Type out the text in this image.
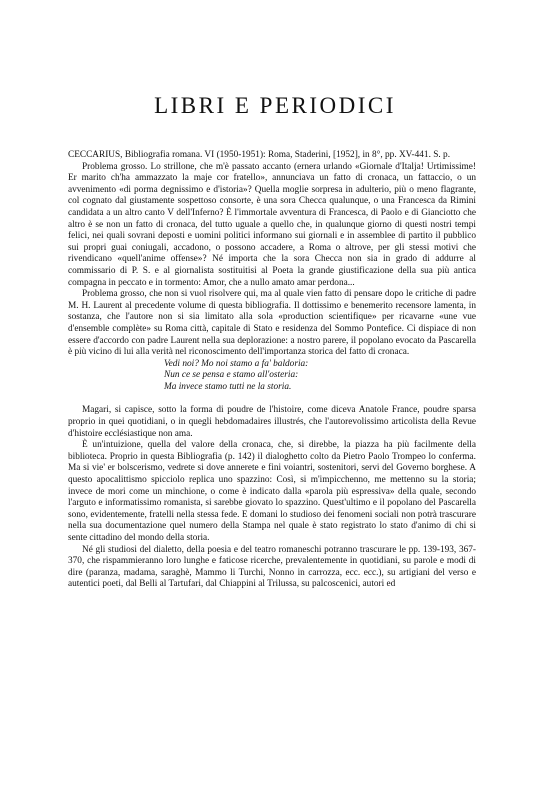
LIBRI E PERIODICI

CECCARIUS, Bibliografia romana. VI (1950-1951): Roma, Staderini, [1952], in 8°, pp. XV-441. S. p.

Problema grosso. Lo strillone, che m'è passato accanto (ernera urlando «Giornale d'Italja! Urtimissime! Er marito ch'ha ammazzato la maje cor fratello», annunciava un fatto di cronaca, un fattaccio, o un avvenimento «di porma degnissimo e d'istoria»? Quella moglie sorpresa in adulterio, più o meno flagrante, col cognato dal giustamente sospettoso consorte, è una sora Checca qualunque, o una Francesca da Rimini candidata a un altro canto V dell'Inferno? È l'immortale avventura di Francesca, di Paolo e di Gianciotto che altro è se non un fatto di cronaca, del tutto uguale a quello che, in qualunque giorno di questi nostri tempi felici, nei quali sovrani deposti e uomini politici informano sui giornali e in assemblee di partito il pubblico sui propri guai coniugali, accadono, o possono accadere, a Roma o altrove, per gli stessi motivi che rivendicano «quell'anime offense»? Né importa che la sora Checca non sia in grado di addurre al commissario di P. S. e al giornalista sostituitisi al Poeta la grande giustificazione della sua più antica compagna in peccato e in tormento: Amor, che a nullo amato amar perdona...

Problema grosso, che non si vuol risolvere qui, ma al quale vien fatto di pensare dopo le critiche di padre M. H. Laurent al precedente volume di questa bibliografia. Il dottissimo e benemerito recensore lamenta, in sostanza, che l'autore non si sia limitato alla sola «production scientifique» per ricavarne «une vue d'ensemble complète» su Roma città, capitale di Stato e residenza del Sommo Pontefice. Ci dispiace di non essere d'accordo con padre Laurent nella sua deplorazione: a nostro parere, il popolano evocato da Pascarella è più vicino di lui alla verità nel riconoscimento dell'importanza storica del fatto di cronaca.

Vedi noi? Mo noi stamo a fa' baldoria:
Nun ce se pensa e stamo all'osteria:
Ma invece stamo tutti ne la storia.

Magari, si capisce, sotto la forma di poudre de l'histoire, come diceva Anatole France, poudre sparsa proprio in quei quotidiani, o in quegli hebdomadaires illustrés, che l'autorevolissimo articolista della Revue d'histoire ecclésiastique non ama.

È un'intuizione, quella del valore della cronaca, che, si direbbe, la piazza ha più facilmente della biblioteca. Proprio in questa Bibliografia (p. 142) il dialoghetto colto da Pietro Paolo Trompeo lo conferma. Ma si vie' er bolscerismo, vedrete si dove annerete e fini voiantri, sostenitori, servi del Governo borghese. A questo apocalittismo spicciolo replica uno spazzino: Così, si m'impicchenno, me mettenno su la storia; invece de mori come un minchione, o come è indicato dalla «parola più espressiva» della quale, secondo l'arguto e informatissimo romanista, si sarebbe giovato lo spazzino. Quest'ultimo e il popolano del Pascarella sono, evidentemente, fratelli nella stessa fede. E domani lo studioso dei fenomeni sociali non potrà trascurare nella sua documentazione quel numero della Stampa nel quale è stato registrato lo stato d'animo di chi si sente cittadino del mondo della storia.

Né gli studiosi del dialetto, della poesia e del teatro romaneschi potranno trascurare le pp. 139-193, 367-370, che rispammieranno loro lunghe e faticose ricerche, prevalentemente in quotidiani, su parole e modi di dire (paranza, madama, saraghè, Mammo li Turchi, Nonno in carrozza, ecc. ecc.), su artigiani del verso e autentici poeti, dal Belli al Tartufari, dal Chiappini al Trilussa, su palcoscenici, autori ed
